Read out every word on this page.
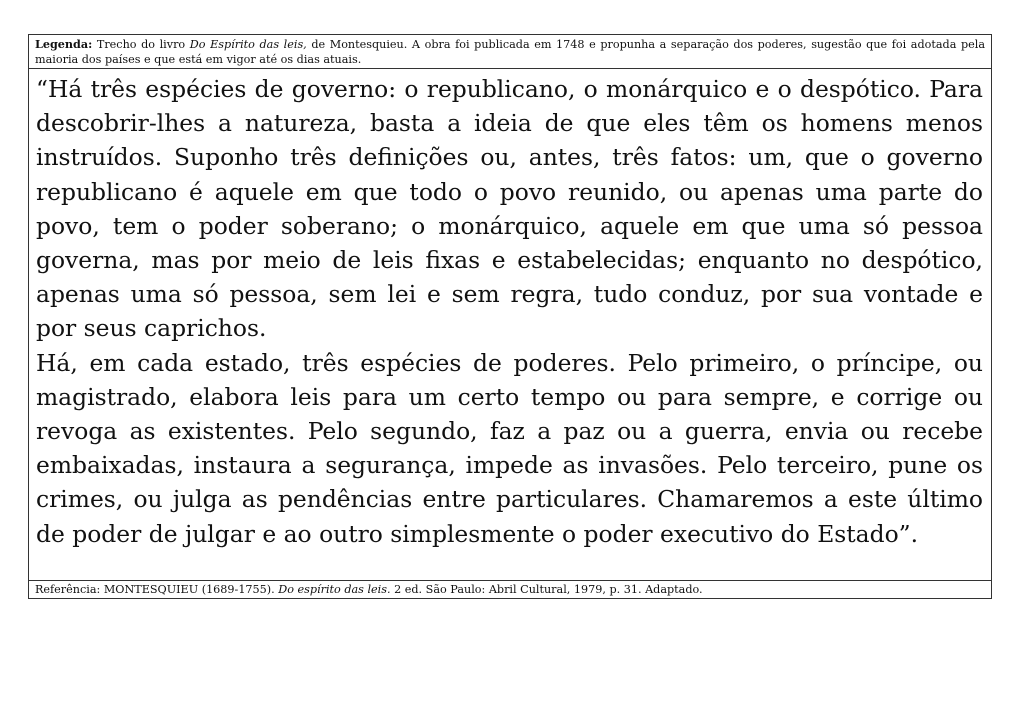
Legenda: Trecho do livro Do Espírito das leis, de Montesquieu. A obra foi publicada em 1748 e propunha a separação dos poderes, sugestão que foi adotada pela maioria dos países e que está em vigor até os dias atuais.

“Há três espécies de governo: o republicano, o monárquico e o despótico. Para descobrir-lhes a natureza, basta a ideia de que eles têm os homens menos instruídos. Suponho três definições ou, antes, três fatos: um, que o governo republicano é aquele em que todo o povo reunido, ou apenas uma parte do povo, tem o poder soberano; o monárquico, aquele em que uma só pessoa governa, mas por meio de leis fixas e estabelecidas; enquanto no despótico, apenas uma só pessoa, sem lei e sem regra, tudo conduz, por sua vontade e por seus caprichos.

Há, em cada estado, três espécies de poderes. Pelo primeiro, o príncipe, ou magistrado, elabora leis para um certo tempo ou para sempre, e corrige ou revoga as existentes. Pelo segundo, faz a paz ou a guerra, envia ou recebe embaixadas, instaura a segurança, impede as invasões. Pelo terceiro, pune os crimes, ou julga as pendências entre particulares. Chamaremos a este último de poder de julgar e ao outro simplesmente o poder executivo do Estado”.

Referência: MONTESQUIEU (1689-1755). Do espírito das leis. 2 ed. São Paulo: Abril Cultural, 1979, p. 31. Adaptado.
